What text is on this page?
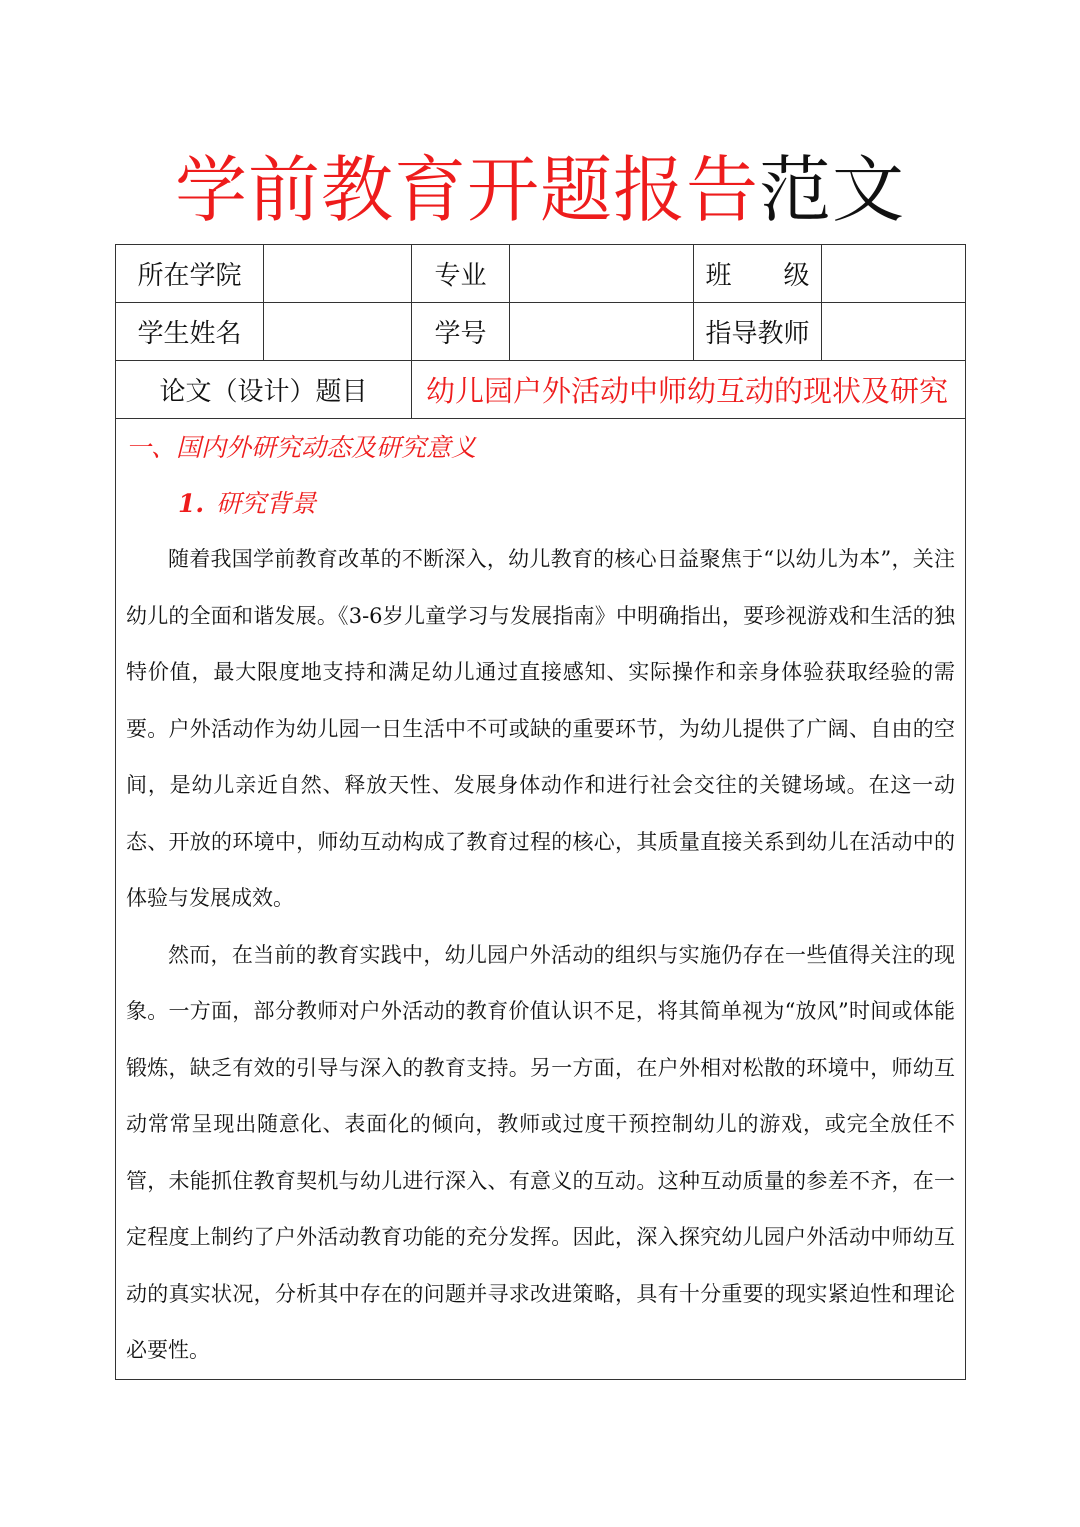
学前教育开题报告范文
所在学院		专业		班　　级	
学生姓名		学号		指导教师	
论文（设计）题目		幼儿园户外活动中师幼互动的现状及研究			

一、国内外研究动态及研究意义
1. 研究背景

随着我国学前教育改革的不断深入，幼儿教育的核心日益聚焦于“以幼儿为本”，关注幼儿的全面和谐发展。《3-6岁儿童学习与发展指南》中明确指出，要珍视游戏和生活的独特价值，最大限度地支持和满足幼儿通过直接感知、实际操作和亲身体验获取经验的需要。户外活动作为幼儿园一日生活中不可或缺的重要环节，为幼儿提供了广阔、自由的空间，是幼儿亲近自然、释放天性、发展身体动作和进行社会交往的关键场域。在这一动态、开放的环境中，师幼互动构成了教育过程的核心，其质量直接关系到幼儿在活动中的体验与发展成效。

然而，在当前的教育实践中，幼儿园户外活动的组织与实施仍存在一些值得关注的现象。一方面，部分教师对户外活动的教育价值认识不足，将其简单视为“放风”时间或体能锻炼，缺乏有效的引导与深入的教育支持。另一方面，在户外相对松散的环境中，师幼互动常常呈现出随意化、表面化的倾向，教师或过度干预控制幼儿的游戏，或完全放任不管，未能抓住教育契机与幼儿进行深入、有意义的互动。这种互动质量的参差不齐，在一定程度上制约了户外活动教育功能的充分发挥。因此，深入探究幼儿园户外活动中师幼互动的真实状况，分析其中存在的问题并寻求改进策略，具有十分重要的现实紧迫性和理论必要性。					
